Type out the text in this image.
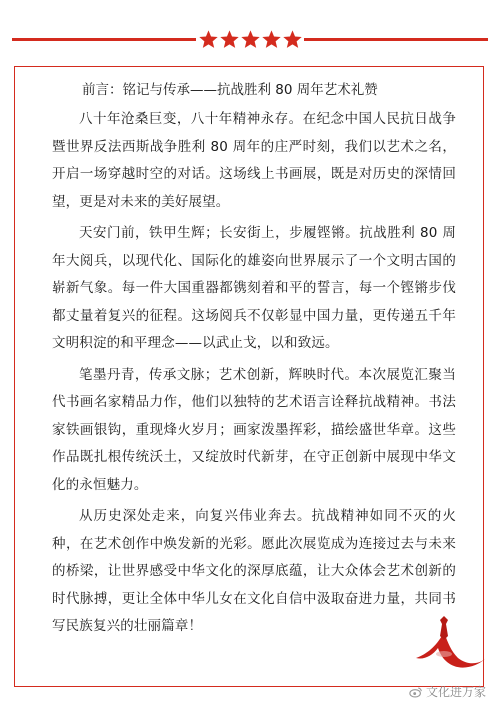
前言：铭记与传承——抗战胜利 80 周年艺术礼赞

八十年沧桑巨变，八十年精神永存。在纪念中国人民抗日战争暨世界反法西斯战争胜利 80 周年的庄严时刻，我们以艺术之名，开启一场穿越时空的对话。这场线上书画展，既是对历史的深情回望，更是对未来的美好展望。

天安门前，铁甲生辉；长安街上，步履铿锵。抗战胜利 80 周年大阅兵，以现代化、国际化的雄姿向世界展示了一个文明古国的崭新气象。每一件大国重器都镌刻着和平的誓言，每一个铿锵步伐都丈量着复兴的征程。这场阅兵不仅彰显中国力量，更传递五千年文明积淀的和平理念——以武止戈，以和致远。

笔墨丹青，传承文脉；艺术创新，辉映时代。本次展览汇聚当代书画名家精品力作，他们以独特的艺术语言诠释抗战精神。书法家铁画银钩，重现烽火岁月；画家泼墨挥彩，描绘盛世华章。这些作品既扎根传统沃土，又绽放时代新芽，在守正创新中展现中华文化的永恒魅力。

从历史深处走来，向复兴伟业奔去。抗战精神如同不灭的火种，在艺术创作中焕发新的光彩。愿此次展览成为连接过去与未来的桥梁，让世界感受中华文化的深厚底蕴，让大众体会艺术创新的时代脉搏，更让全体中华儿女在文化自信中汲取奋进力量，共同书写民族复兴的壮丽篇章！

文化进万家
